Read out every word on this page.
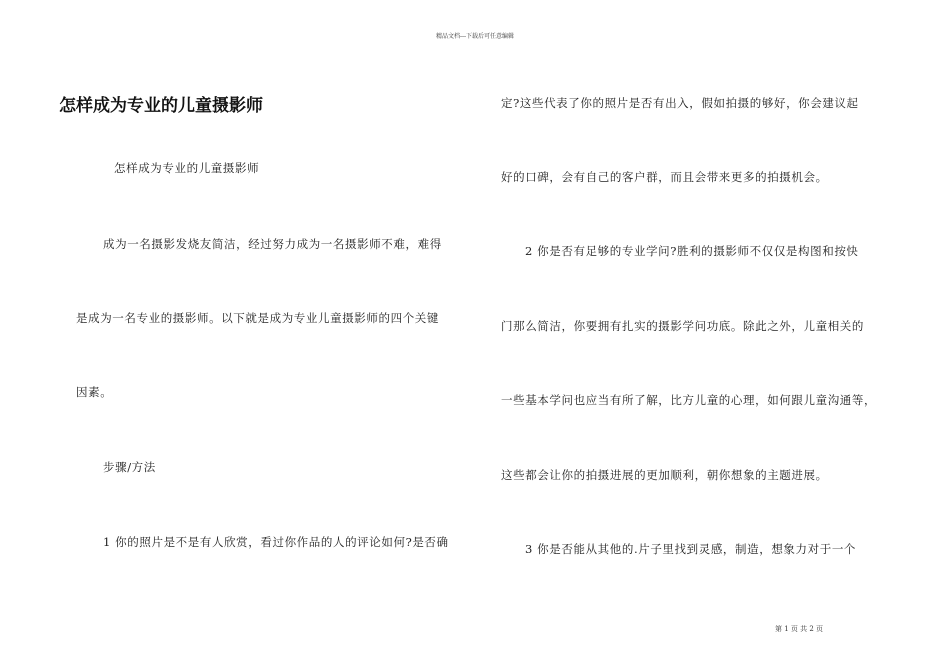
精品文档---下载后可任意编辑
怎样成为专业的儿童摄影师
怎样成为专业的儿童摄影师
成为一名摄影发烧友简洁，经过努力成为一名摄影师不难，难得
是成为一名专业的摄影师。以下就是成为专业儿童摄影师的四个关键
因素。
步骤/方法
1 你的照片是不是有人欣赏，看过你作品的人的评论如何?是否确
定?这些代表了你的照片是否有出入，假如拍摄的够好，你会建议起
好的口碑，会有自己的客户群，而且会带来更多的拍摄机会。
2 你是否有足够的专业学问?胜利的摄影师不仅仅是构图和按快
门那么简洁，你要拥有扎实的摄影学问功底。除此之外，儿童相关的
一些基本学问也应当有所了解，比方儿童的心理，如何跟儿童沟通等，
这些都会让你的拍摄进展的更加顺利，朝你想象的主题进展。
3 你是否能从其他的.片子里找到灵感，制造，想象力对于一个
第 1 页 共 2 页
